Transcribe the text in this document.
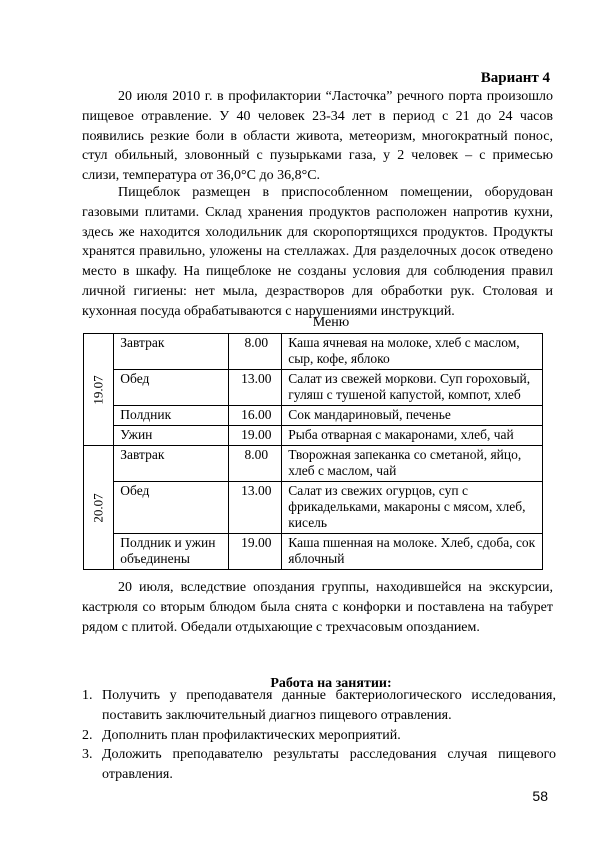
Вариант 4
20 июля 2010 г. в профилактории “Ласточка” речного порта произошло пищевое отравление. У 40 человек 23-34 лет в период с 21 до 24 часов появились резкие боли в области живота, метеоризм, многократный понос, стул обильный, зловонный с пузырьками газа, у 2 человек – с примесью слизи, температура от 36,0°С до 36,8°С.
Пищеблок размещен в приспособленном помещении, оборудован газовыми плитами. Склад хранения продуктов расположен напротив кухни, здесь же находится холодильник для скоропортящихся продуктов. Продукты хранятся правильно, уложены на стеллажах. Для разделочных досок отведено место в шкафу. На пищеблоке не созданы условия для соблюдения правил личной гигиены: нет мыла, дезрастворов для обработки рук. Столовая и кухонная посуда обрабатываются с нарушениями инструкций.
Меню
19.07	Завтрак	8.00	Каша ячневая на молоке, хлеб с маслом, сыр, кофе, яблоко
	Обед	13.00	Салат из свежей моркови. Суп гороховый, гуляш с тушеной капустой, компот, хлеб
	Полдник	16.00	Сок мандариновый, печенье
	Ужин	19.00	Рыба отварная с макаронами, хлеб, чай
20.07	Завтрак	8.00	Творожная запеканка со сметаной, яйцо, хлеб с маслом, чай
	Обед	13.00	Салат из свежих огурцов, суп с фрикадельками, макароны с мясом, хлеб, кисель
	Полдник и ужин объединены	19.00	Каша пшенная на молоке. Хлеб, сдоба, сок яблочный
20 июля, вследствие опоздания группы, находившейся на экскурсии, кастрюля со вторым блюдом была снята с конфорки и поставлена на табурет рядом с плитой. Обедали отдыхающие с трехчасовым опозданием.
Работа на занятии:
1. Получить у преподавателя данные бактериологического исследования, поставить заключительный диагноз пищевого отравления.
2. Дополнить план профилактических мероприятий.
3. Доложить преподавателю результаты расследования случая пищевого отравления.
58
